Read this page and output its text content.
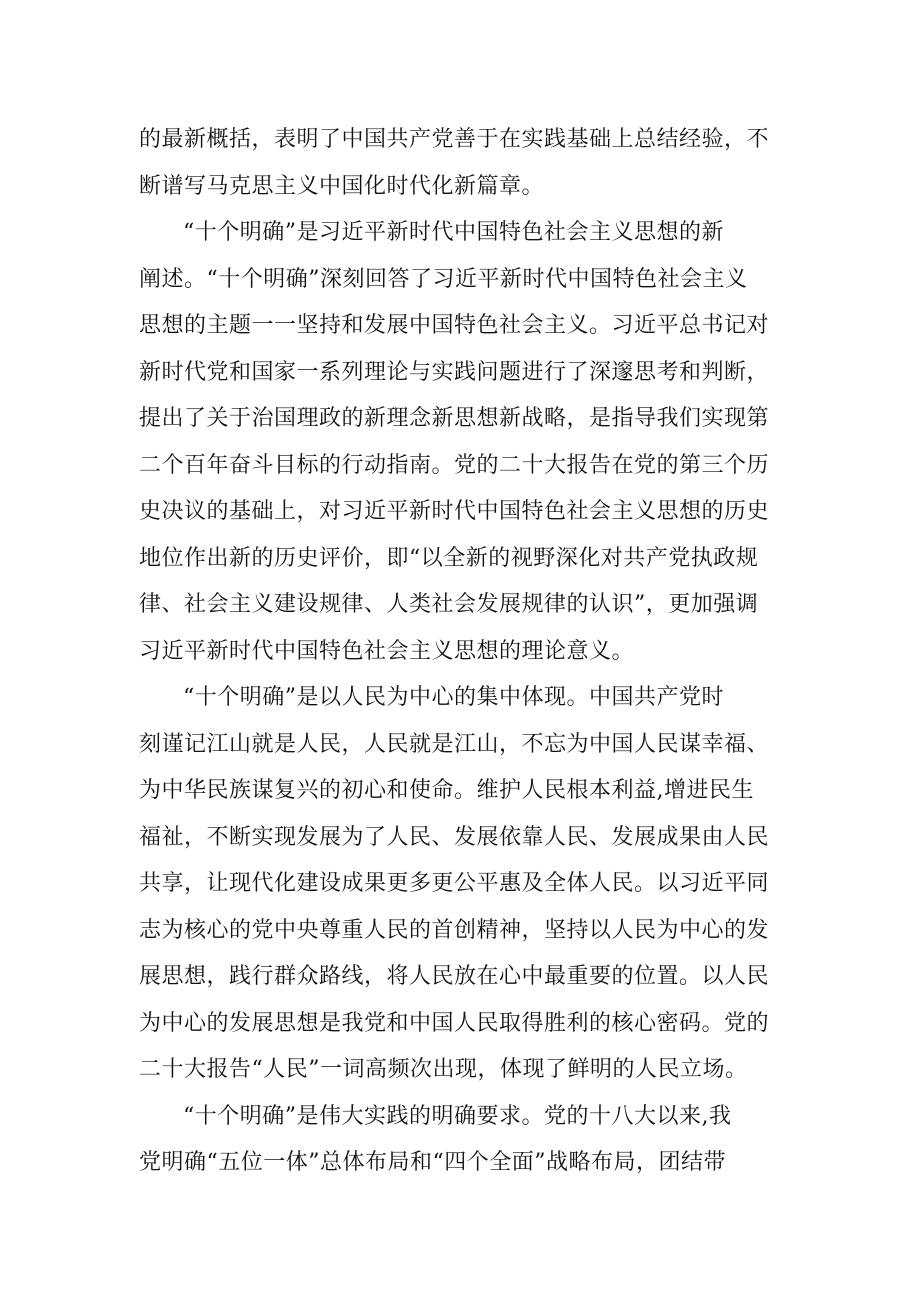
的最新概括，表明了中国共产党善于在实践基础上总结经验，不
断谱写马克思主义中国化时代化新篇章。
“十个明确”是习近平新时代中国特色社会主义思想的新
阐述。“十个明确”深刻回答了习近平新时代中国特色社会主义
思想的主题一一坚持和发展中国特色社会主义。习近平总书记对
新时代党和国家一系列理论与实践问题进行了深邃思考和判断，
提出了关于治国理政的新理念新思想新战略，是指导我们实现第
二个百年奋斗目标的行动指南。党的二十大报告在党的第三个历
史决议的基础上，对习近平新时代中国特色社会主义思想的历史
地位作出新的历史评价，即“以全新的视野深化对共产党执政规
律、社会主义建设规律、人类社会发展规律的认识”，更加强调
习近平新时代中国特色社会主义思想的理论意义。
“十个明确”是以人民为中心的集中体现。中国共产党时
刻谨记江山就是人民，人民就是江山，不忘为中国人民谋幸福、
为中华民族谋复兴的初心和使命。维护人民根本利益,增进民生
福祉，不断实现发展为了人民、发展依靠人民、发展成果由人民
共享，让现代化建设成果更多更公平惠及全体人民。以习近平同
志为核心的党中央尊重人民的首创精神，坚持以人民为中心的发
展思想，践行群众路线，将人民放在心中最重要的位置。以人民
为中心的发展思想是我党和中国人民取得胜利的核心密码。党的
二十大报告“人民”一词高频次出现，体现了鲜明的人民立场。
“十个明确”是伟大实践的明确要求。党的十八大以来,我
党明确“五位一体”总体布局和“四个全面”战略布局，团结带
